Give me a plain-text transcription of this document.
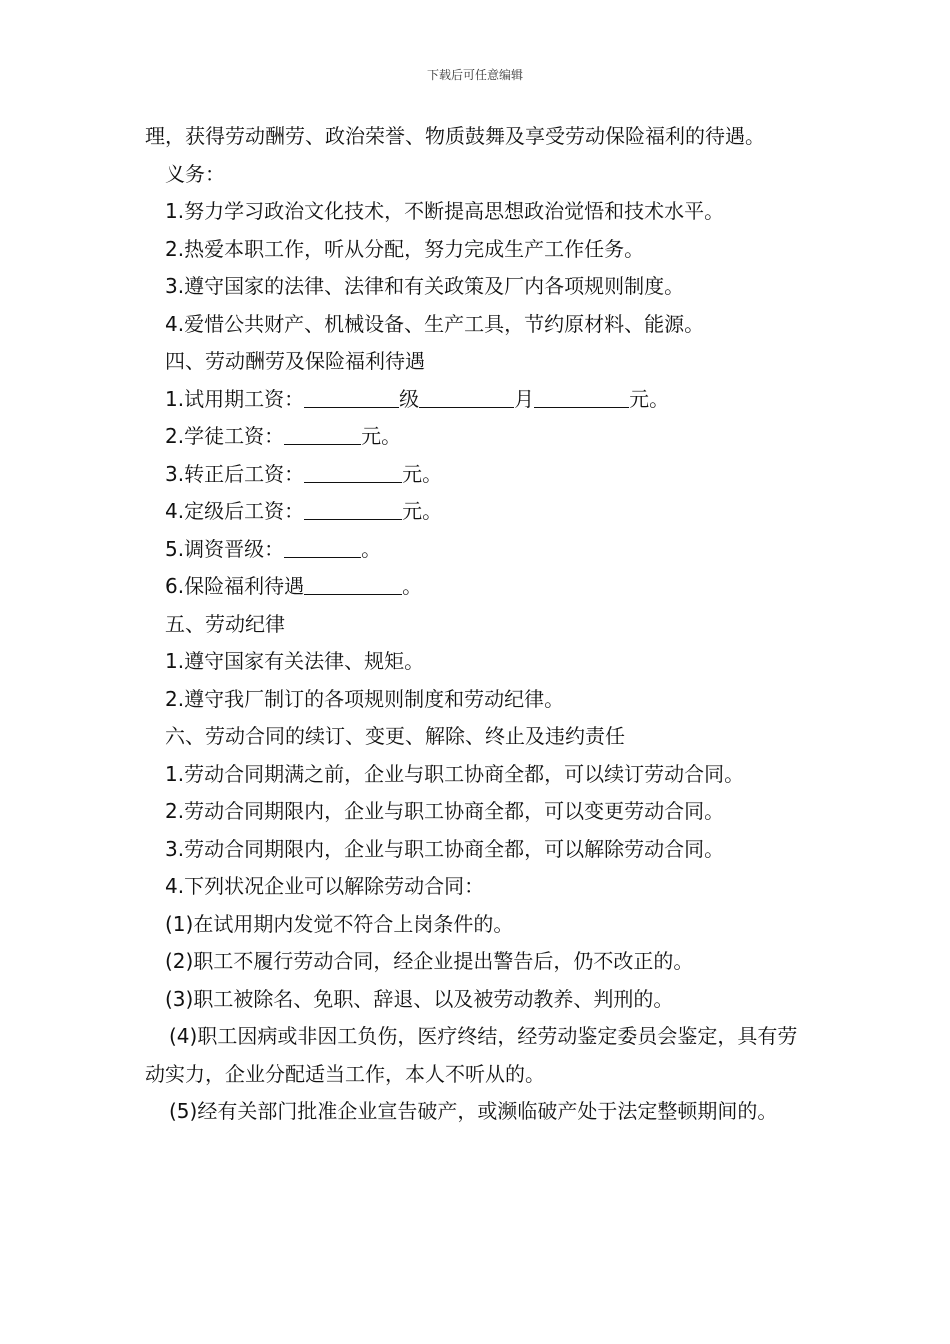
下载后可任意编辑

理，获得劳动酬劳、政治荣誉、物质鼓舞及享受劳动保险福利的待遇。

义务：

1.努力学习政治文化技术，不断提高思想政治觉悟和技术水平。

2.热爱本职工作，听从分配，努力完成生产工作任务。

3.遵守国家的法律、法律和有关政策及厂内各项规则制度。

4.爱惜公共财产、机械设备、生产工具，节约原材料、能源。

四、劳动酬劳及保险福利待遇

1.试用期工资：	级	月	元。

2.学徒工资：	元。

3.转正后工资：	元。

4.定级后工资：	元。

5.调资晋级：	。

6.保险福利待遇	。

五、劳动纪律

1.遵守国家有关法律、规矩。

2.遵守我厂制订的各项规则制度和劳动纪律。

六、劳动合同的续订、变更、解除、终止及违约责任

1.劳动合同期满之前，企业与职工协商全都，可以续订劳动合同。

2.劳动合同期限内，企业与职工协商全都，可以变更劳动合同。

3.劳动合同期限内，企业与职工协商全都，可以解除劳动合同。

4.下列状况企业可以解除劳动合同：

(1)在试用期内发觉不符合上岗条件的。

(2)职工不履行劳动合同，经企业提出警告后，仍不改正的。

(3)职工被除名、免职、辞退、以及被劳动教养、判刑的。

(4)职工因病或非因工负伤，医疗终结，经劳动鉴定委员会鉴定，具有劳动实力，企业分配适当工作，本人不听从的。

(5)经有关部门批准企业宣告破产，或濒临破产处于法定整顿期间的。
